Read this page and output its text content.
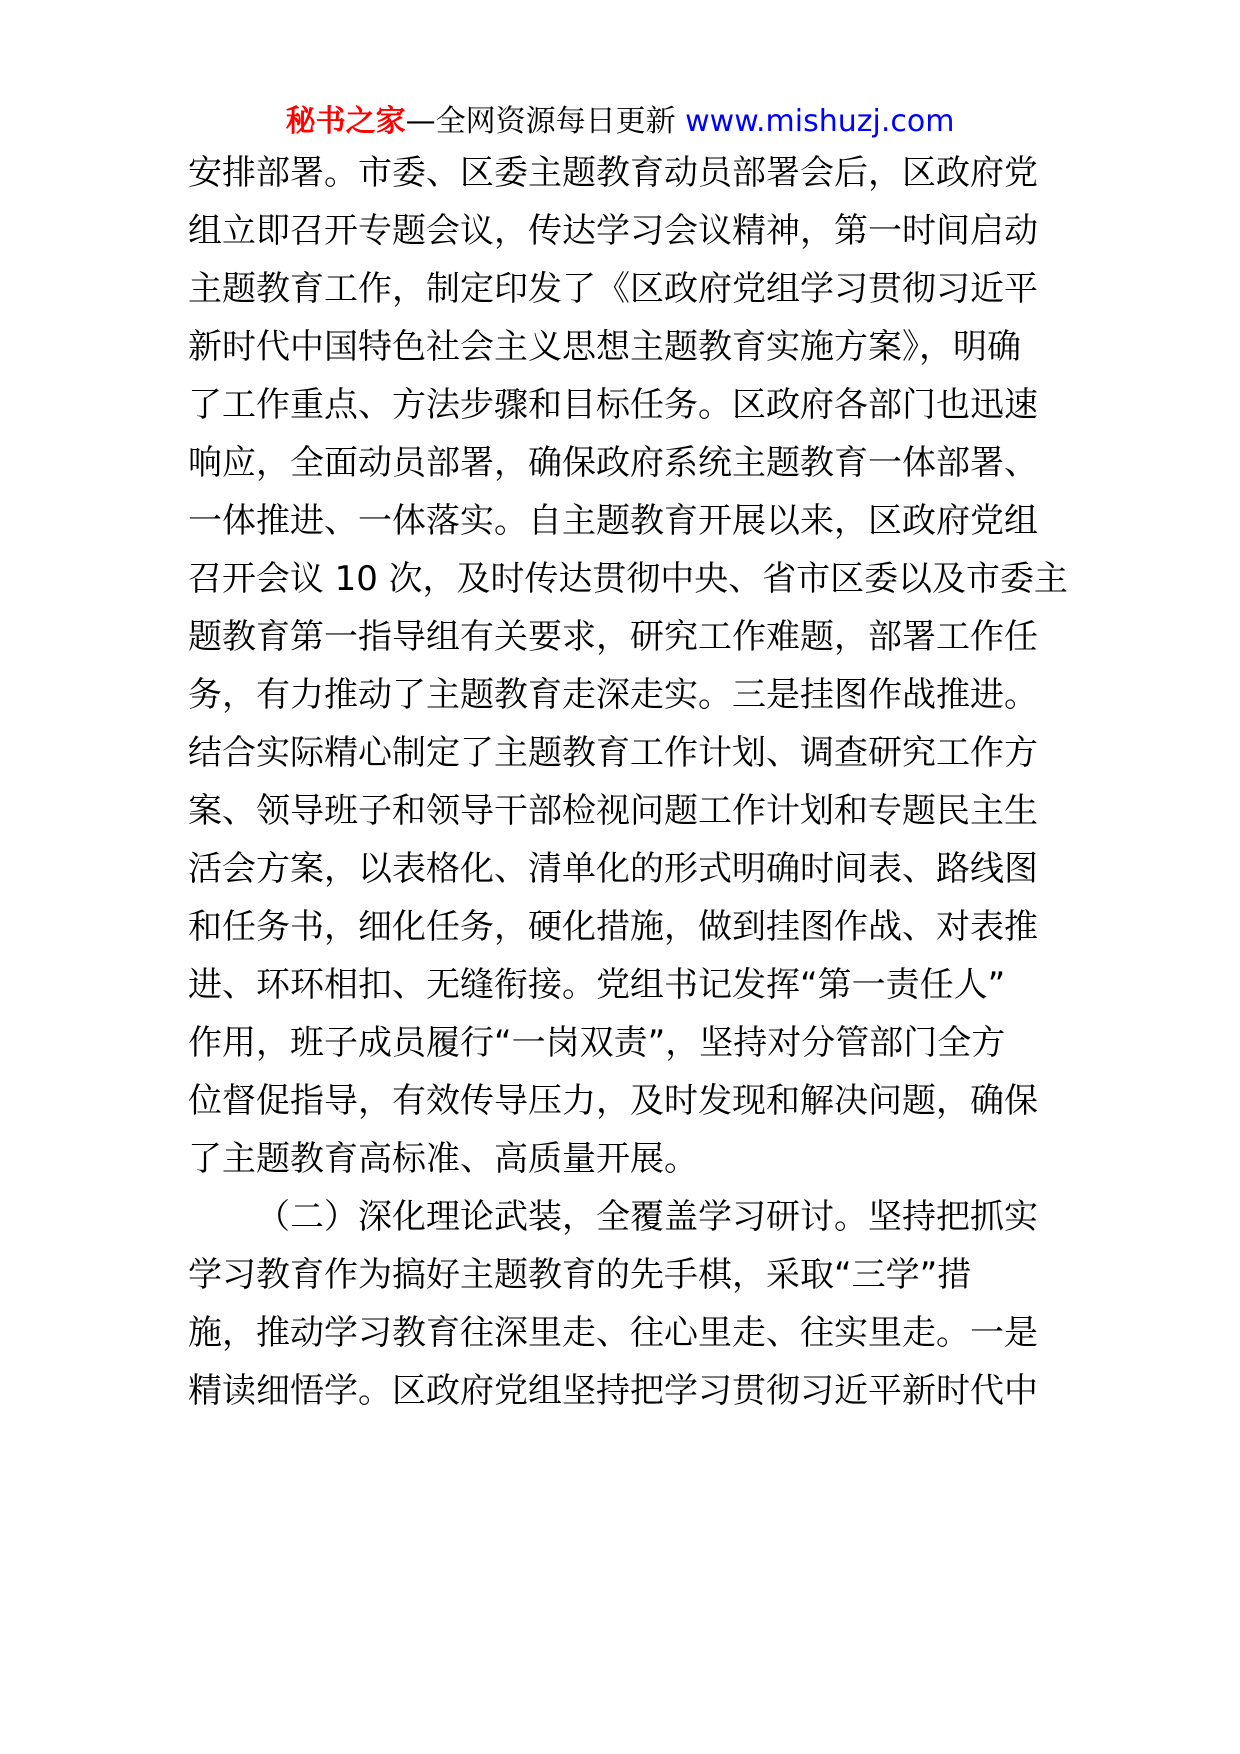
秘书之家—全网资源每日更新 www.mishuzj.com
安排部署。市委、区委主题教育动员部署会后，区政府党
组立即召开专题会议，传达学习会议精神，第一时间启动
主题教育工作，制定印发了《区政府党组学习贯彻习近平
新时代中国特色社会主义思想主题教育实施方案》，明确
了工作重点、方法步骤和目标任务。区政府各部门也迅速
响应，全面动员部署，确保政府系统主题教育一体部署、
一体推进、一体落实。自主题教育开展以来，区政府党组
召开会议 10 次，及时传达贯彻中央、省市区委以及市委主
题教育第一指导组有关要求，研究工作难题，部署工作任
务，有力推动了主题教育走深走实。三是挂图作战推进。
结合实际精心制定了主题教育工作计划、调查研究工作方
案、领导班子和领导干部检视问题工作计划和专题民主生
活会方案，以表格化、清单化的形式明确时间表、路线图
和任务书，细化任务，硬化措施，做到挂图作战、对表推
进、环环相扣、无缝衔接。党组书记发挥“第一责任人”
作用，班子成员履行“一岗双责”，坚持对分管部门全方
位督促指导，有效传导压力，及时发现和解决问题，确保
了主题教育高标准、高质量开展。
（二）深化理论武装，全覆盖学习研讨。坚持把抓实
学习教育作为搞好主题教育的先手棋，采取“三学”措
施，推动学习教育往深里走、往心里走、往实里走。一是
精读细悟学。区政府党组坚持把学习贯彻习近平新时代中
